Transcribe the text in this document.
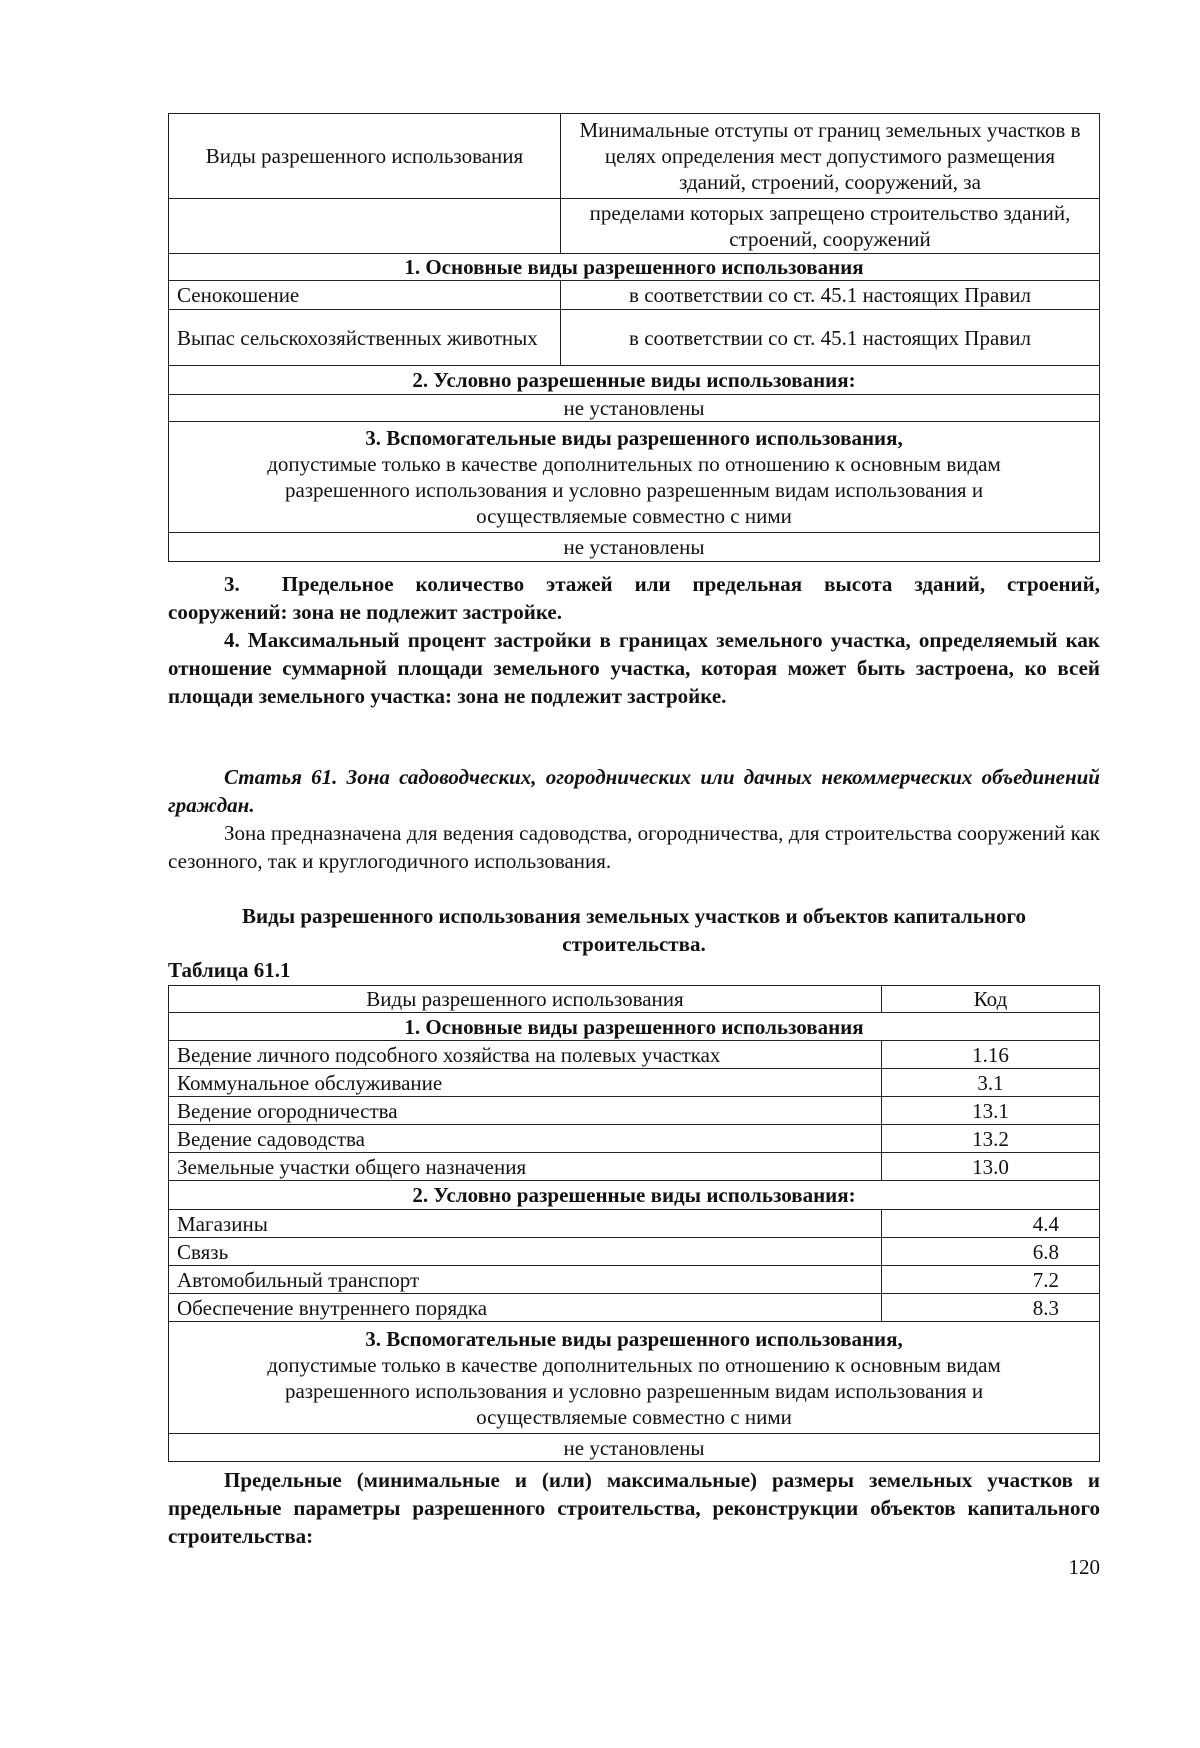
Виды разрешенного использования	Минимальные отступы от границ земельных участков в целях определения мест допустимого размещения зданий, строений, сооружений, за
	пределами которых запрещено строительство зданий, строений, сооружений
1. Основные виды разрешенного использования	
Сенокошение	в соответствии со ст. 45.1 настоящих Правил
Выпас сельскохозяйственных животных	в соответствии со ст. 45.1 настоящих Правил
2. Условно разрешенные виды использования:	
не установлены	

3. Вспомогательные виды разрешенного использования,
допустимые только в качестве дополнительных по отношению к основным видам разрешенного использования и условно разрешенным видам использования и осуществляемые совместно с ними	

не установлены	
3.  Предельное количество этажей или предельная высота зданий, строений, сооружений: зона не подлежит застройке.
4. Максимальный процент застройки в границах земельного участка, определяемый как отношение суммарной площади земельного участка, которая может быть застроена, ко всей площади земельного участка: зона не подлежит застройке.
Статья 61. Зона садоводческих, огороднических или дачных некоммерческих объединений граждан.
Зона предназначена для ведения садоводства, огородничества, для строительства сооружений как сезонного, так и круглогодичного использования.
Виды разрешенного использования земельных участков и объектов капитального строительства.
Таблица 61.1
Виды разрешенного использования	Код
1. Основные виды разрешенного использования	
Ведение личного подсобного хозяйства на полевых участках	1.16
Коммунальное обслуживание	3.1
Ведение огородничества	13.1
Ведение садоводства	13.2
Земельные участки общего назначения	13.0
2. Условно разрешенные виды использования:	
Магазины	4.4
Связь	6.8
Автомобильный транспорт	7.2
Обеспечение внутреннего порядка	8.3

3. Вспомогательные виды разрешенного использования,
допустимые только в качестве дополнительных по отношению к основным видам разрешенного использования и условно разрешенным видам использования и осуществляемые совместно с ними	

не установлены	
Предельные (минимальные и (или) максимальные) размеры земельных участков и предельные параметры разрешенного строительства, реконструкции объектов капитального строительства:
120
